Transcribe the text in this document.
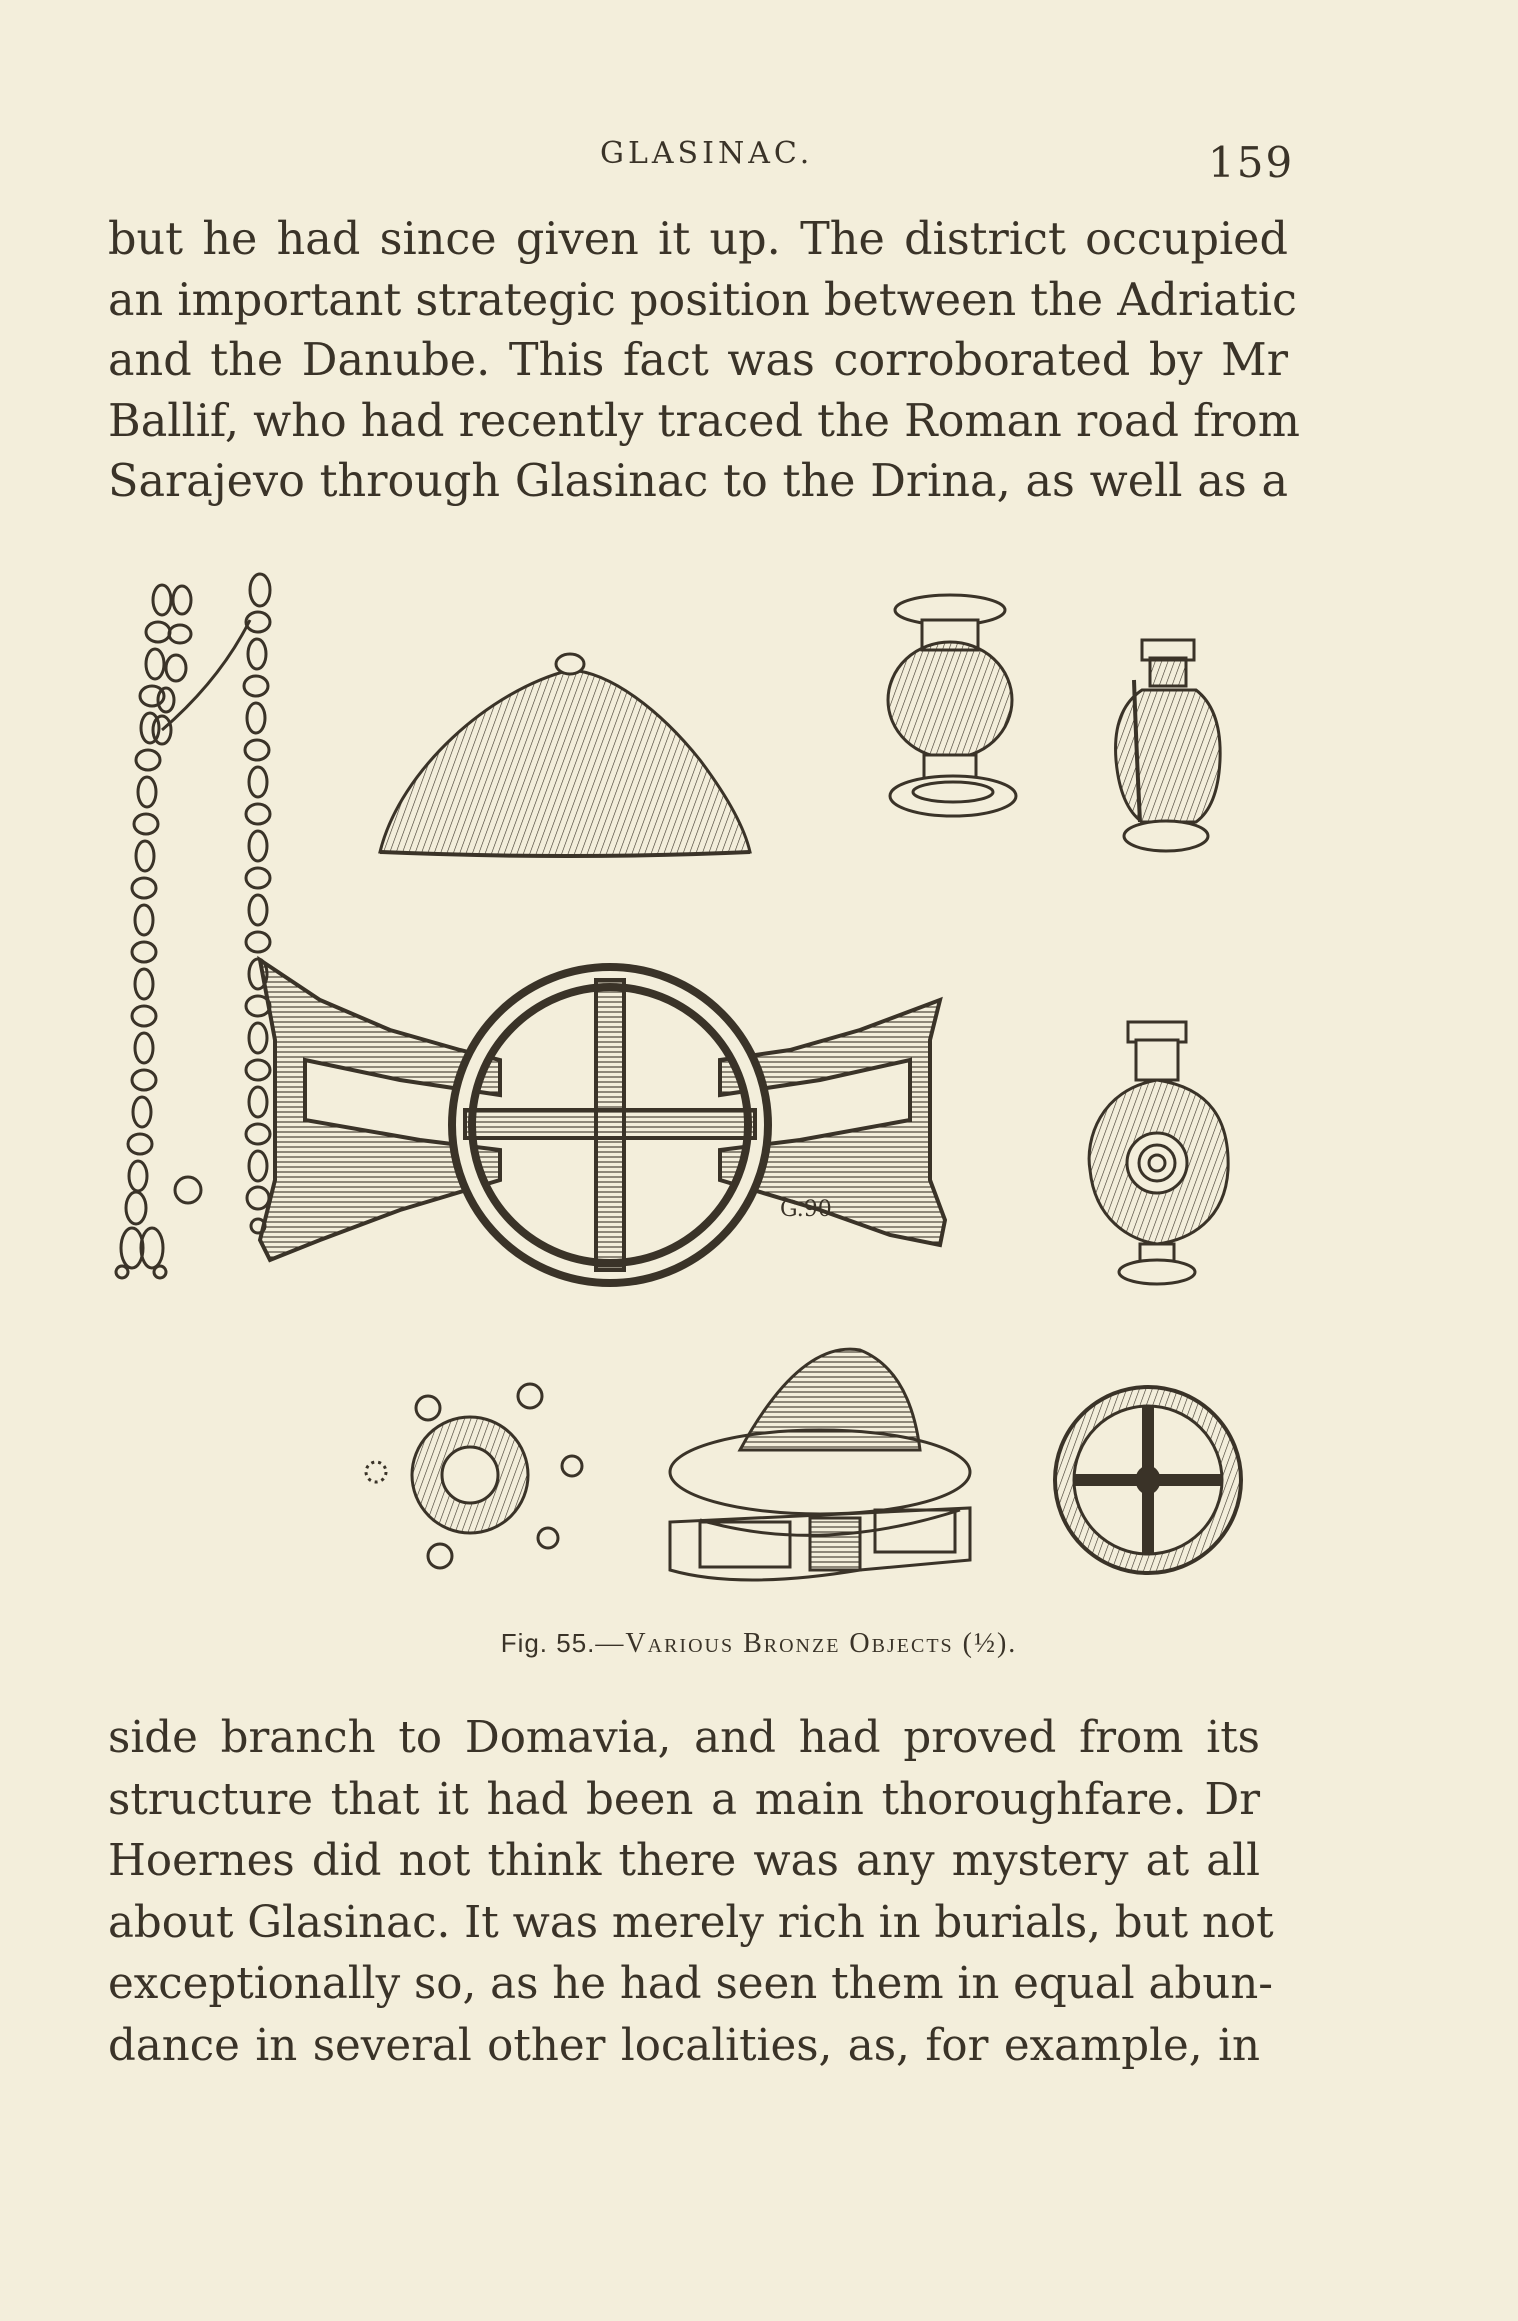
GLASINAC.	159
but he had since given it up. The district occupied
an important strategic position between the Adriatic
and the Danube. This fact was corroborated by Mr
Ballif, who had recently traced the Roman road from
Sarajevo through Glasinac to the Drina, as well as a
G.90
Fig. 55.—Various Bronze Objects (½).
side branch to Domavia, and had proved from its
structure that it had been a main thoroughfare. Dr
Hoernes did not think there was any mystery at all
about Glasinac. It was merely rich in burials, but not
exceptionally so, as he had seen them in equal abun-
dance in several other localities, as, for example, in
